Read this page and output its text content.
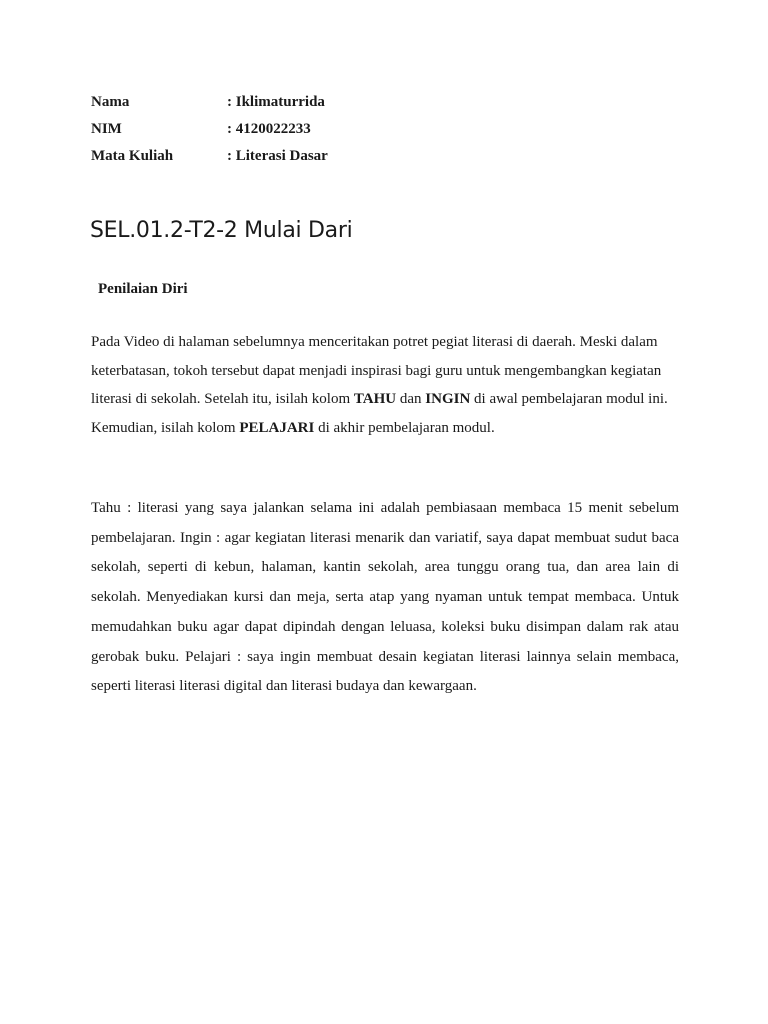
Nama	: Iklimaturrida
NIM	: 4120022233
Mata Kuliah	: Literasi Dasar
SEL.01.2-T2-2 Mulai Dari
Penilaian Diri

Pada Video di halaman sebelumnya menceritakan potret pegiat literasi di daerah. Meski dalam keterbatasan, tokoh tersebut dapat menjadi inspirasi bagi guru untuk mengembangkan kegiatan literasi di sekolah. Setelah itu, isilah kolom TAHU dan INGIN di awal pembelajaran modul ini. Kemudian, isilah kolom PELAJARI di akhir pembelajaran modul.

Tahu : literasi yang saya jalankan selama ini adalah pembiasaan membaca 15 menit sebelum pembelajaran. Ingin : agar kegiatan literasi menarik dan variatif, saya dapat membuat sudut baca sekolah, seperti di kebun, halaman, kantin sekolah, area tunggu orang tua, dan area lain di sekolah. Menyediakan kursi dan meja, serta atap yang nyaman untuk tempat membaca. Untuk memudahkan buku agar dapat dipindah dengan leluasa, koleksi buku disimpan dalam rak atau gerobak buku. Pelajari : saya ingin membuat desain kegiatan literasi lainnya selain membaca, seperti literasi literasi digital dan literasi budaya dan kewargaan.
